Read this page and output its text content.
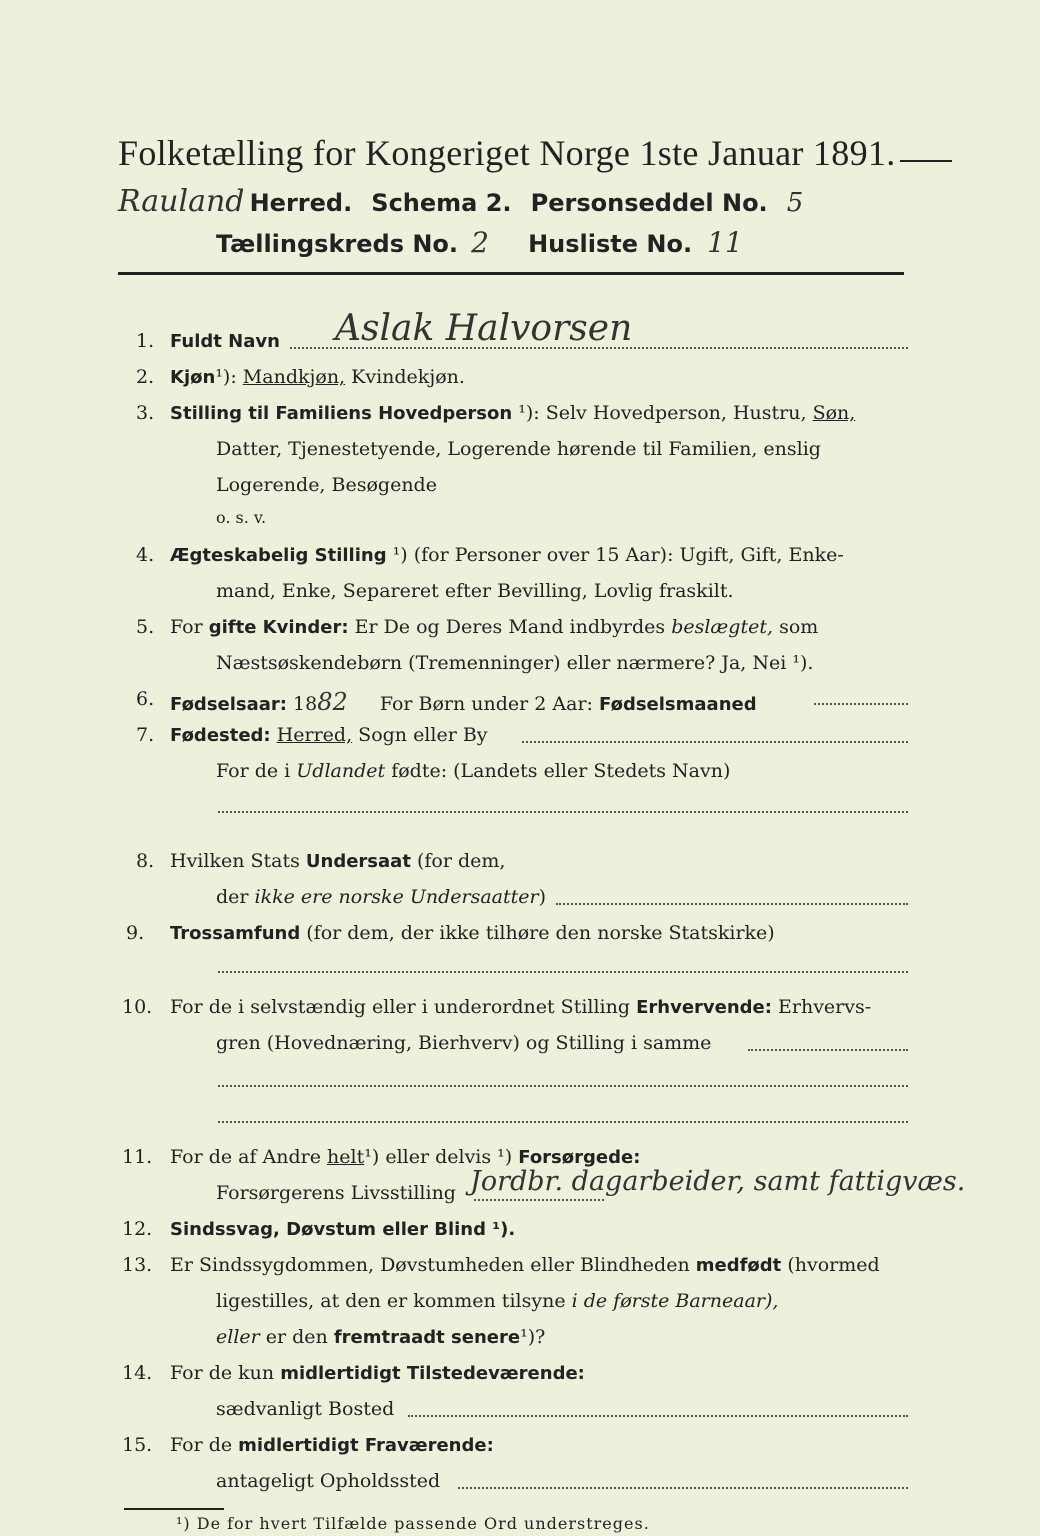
Folketælling for Kongeriget Norge 1ste Januar 1891.
Rauland Herred. Schema 2. Personseddel No. 5
Tællingskreds No. 2 Husliste No. 11
1. Fuldt Navn Aslak Halvorsen
2. Kjøn¹): Mandkjøn, Kvindekjøn.
3. Stilling til Familiens Hovedperson ¹): Selv Hovedperson, Hustru, Søn,
Datter, Tjenestetyende, Logerende hørende til Familien, enslig
Logerende, Besøgende
o. s. v.
4. Ægteskabelig Stilling ¹) (for Personer over 15 Aar): Ugift, Gift, Enke-
mand, Enke, Separeret efter Bevilling, Lovlig fraskilt.
5. For gifte Kvinder: Er De og Deres Mand indbyrdes beslægtet, som
Næstsøskendebørn (Tremenninger) eller nærmere? Ja, Nei ¹).
6. Fødselsaar: 1882 For Børn under 2 Aar: Fødselsmaaned
7. Fødested: Herred, Sogn eller By
For de i Udlandet fødte: (Landets eller Stedets Navn)
8. Hvilken Stats Undersaat (for dem,
der ikke ere norske Undersaatter)
9. Trossamfund (for dem, der ikke tilhøre den norske Statskirke)
10. For de i selvstændig eller i underordnet Stilling Erhvervende: Erhvervs-
gren (Hovednæring, Bierhverv) og Stilling i samme
11. For de af Andre helt¹) eller delvis ¹) Forsørgede:
Forsørgerens Livsstilling Jordbr. dagarbeider, samt fattigvæs.
12. Sindssvag, Døvstum eller Blind ¹).
13. Er Sindssygdommen, Døvstumheden eller Blindheden medfødt (hvormed
ligestilles, at den er kommen tilsyne i de første Barneaar),
eller er den fremtraadt senere¹)?
14. For de kun midlertidigt Tilstedeværende:
sædvanligt Bosted
15. For de midlertidigt Fraværende:
antageligt Opholdssted
¹) De for hvert Tilfælde passende Ord understreges.
